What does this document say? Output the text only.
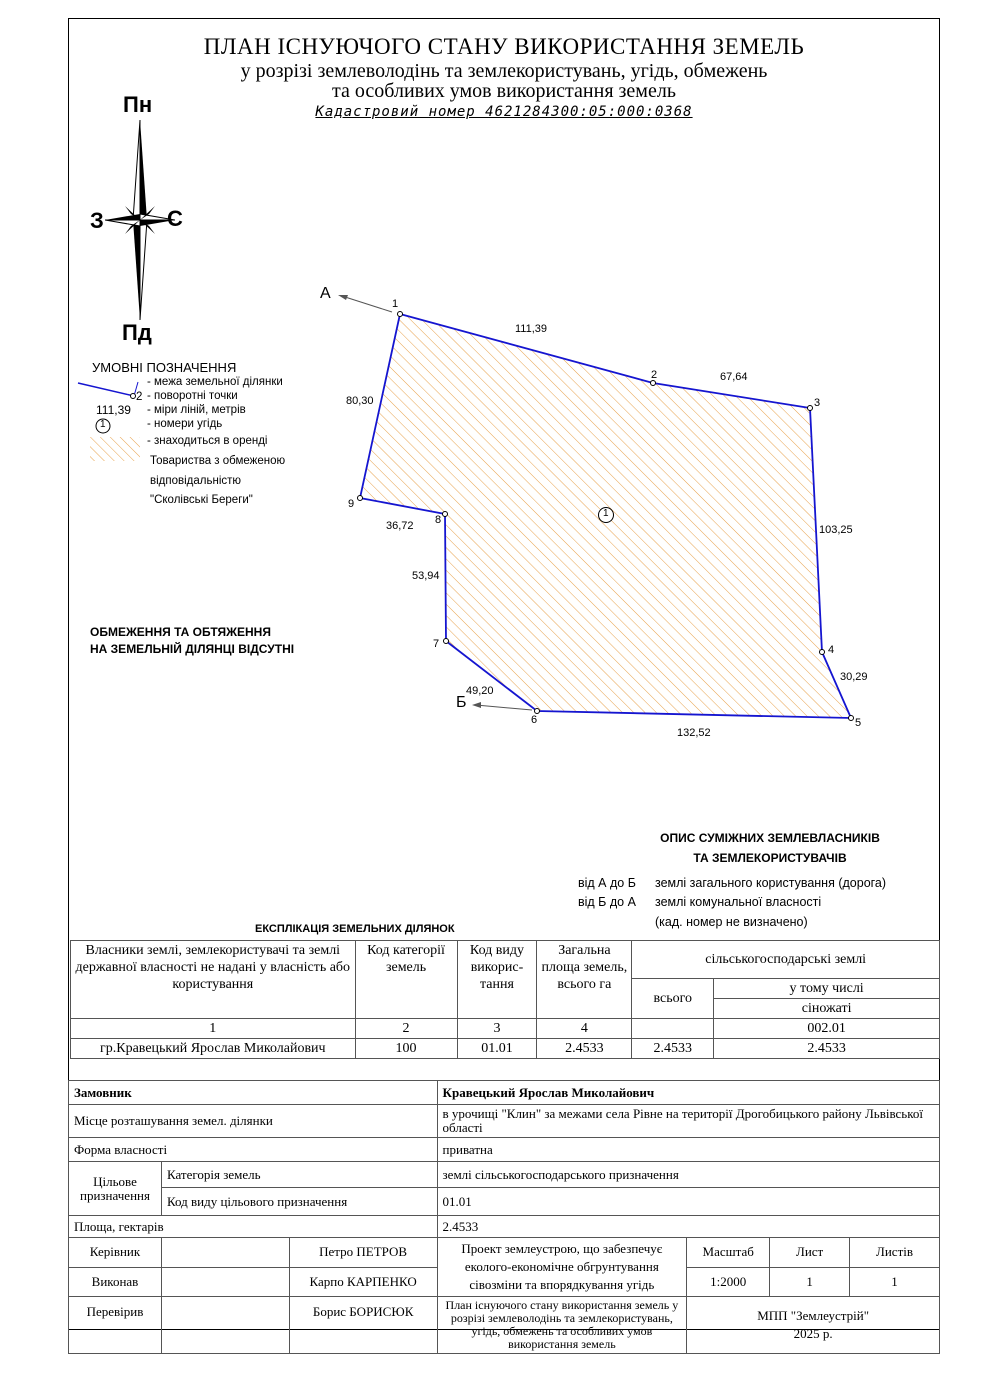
ПЛАН ІСНУЮЧОГО СТАНУ ВИКОРИСТАННЯ ЗЕМЕЛЬ
у розрізі землеволодінь та землекористувань, угідь, обмежень
та особливих умов використання земель
Кадастровий номер 4621284300:05:000:0368
Пн
Пд
З	С
УМОВНІ ПОЗНАЧЕННЯ
2
111,39
1
- межа земельної ділянки
- поворотні точки
- міри ліній, метрів
- номери угідь
- знаходиться в оренді
Товариства з обмеженою
відповідальністю
"Сколівські Береги"
ОБМЕЖЕННЯ ТА ОБТЯЖЕННЯ
НА ЗЕМЕЛЬНІЙ ДІЛЯНЦІ ВІДСУТНІ
А
Б
1
2
3
4
5
6
7
8
9
111,39
67,64
103,25
30,29
132,52
49,20
53,94
36,72
80,30
1
ОПИС СУМІЖНИХ ЗЕМЛЕВЛАСНИКІВ
ТА ЗЕМЛЕКОРИСТУВАЧІВ
від А до Б землі загального користування (дорога)
від Б до А землі комунальної власності
(кад. номер не визначено)
ЕКСПЛІКАЦІЯ ЗЕМЕЛЬНИХ ДІЛЯНОК
Власники землі, землекористувачі та землі державної власності не надані у власність або користування	Код категорії земель	Код виду викорис-тання	Загальна площа земель, всього га	сільськогосподарські землі	
				всього	у тому числі
					сіножаті
1	2	3	4		002.01
гр.Кравецький Ярослав Миколайович	100	01.01	2.4533	2.4533	2.4533
Замовник			Кравецький Ярослав Миколайович			
Місце розташування земел. ділянки			в урочищі "Клин" за межами села Рівне на території Дрогобицького району Львівської області			
Форма власності			приватна			
Цільове призначення	Категорія земель		землі сільськогосподарського призначення			
	Код виду цільового призначення		01.01			
Площа, гектарів			2.4533			
Керівник		Петро ПЕТРОВ	Проект землеустрою, що забезпечує еколого-економічне обгрунтування сівозміни та впорядкування угідь	Масштаб	Лист	Листів
Виконав		Карпо КАРПЕНКО		1:2000	1	1
Перевірив		Борис БОРИСЮК	План існуючого стану використання земель у розрізі землеволодінь та землекористувань, угідь, обмежень та особливих умов використання земель	МПП "Землеустрій"
2025 р.		
